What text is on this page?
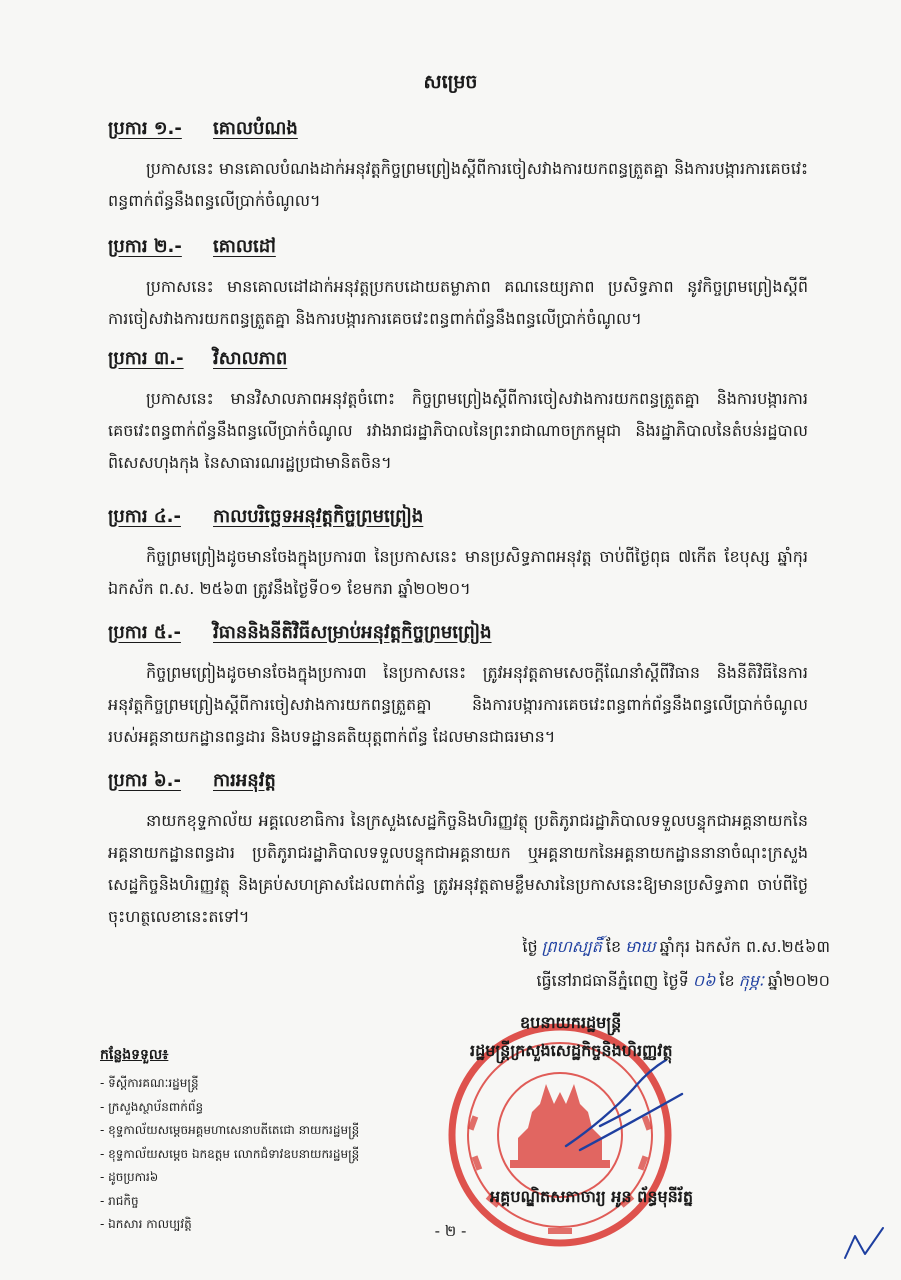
សម្រេច
ប្រការ ១.-	គោលបំណង
ប្រកាសនេះ មានគោលបំណងដាក់អនុវត្តកិច្ចព្រមព្រៀងស្ដីពីការចៀសវាងការយកពន្ធត្រួតគ្នា និងការបង្ការការគេចវេះពន្ធពាក់ព័ន្ធនឹងពន្ធលើប្រាក់ចំណូល។
ប្រការ ២.-	គោលដៅ
ប្រកាសនេះ មានគោលដៅដាក់អនុវត្តប្រកបដោយតម្លាភាព គណនេយ្យភាព ប្រសិទ្ធភាព នូវកិច្ចព្រមព្រៀងស្ដីពីការចៀសវាងការយកពន្ធត្រួតគ្នា និងការបង្ការការគេចវេះពន្ធពាក់ព័ន្ធនឹងពន្ធលើប្រាក់ចំណូល។
ប្រការ ៣.-	វិសាលភាព
ប្រកាសនេះ មានវិសាលភាពអនុវត្តចំពោះ កិច្ចព្រមព្រៀងស្ដីពីការចៀសវាងការយកពន្ធត្រួតគ្នា និងការបង្ការការគេចវេះពន្ធពាក់ព័ន្ធនឹងពន្ធលើប្រាក់ចំណូល រវាងរាជរដ្ឋាភិបាលនៃព្រះរាជាណាចក្រកម្ពុជា និងរដ្ឋាភិបាលនៃតំបន់រដ្ឋបាលពិសេសហុងកុង នៃសាធារណរដ្ឋប្រជាមានិតចិន។
ប្រការ ៤.-	កាលបរិច្ឆេទអនុវត្តកិច្ចព្រមព្រៀង
កិច្ចព្រមព្រៀងដូចមានចែងក្នុងប្រការ៣ នៃប្រកាសនេះ មានប្រសិទ្ធភាពអនុវត្ត ចាប់ពីថ្ងៃពុធ ៧កើត ខែបុស្ស ឆ្នាំកុរ ឯកស័ក ព.ស. ២៥៦៣ ត្រូវនឹងថ្ងៃទី០១ ខែមករា ឆ្នាំ២០២០។
ប្រការ ៥.-	វិធាននិងនីតិវិធីសម្រាប់អនុវត្តកិច្ចព្រមព្រៀង
កិច្ចព្រមព្រៀងដូចមានចែងក្នុងប្រការ៣ នៃប្រកាសនេះ ត្រូវអនុវត្តតាមសេចក្ដីណែនាំស្ដីពីវិធាន និងនីតិវិធីនៃការអនុវត្តកិច្ចព្រមព្រៀងស្ដីពីការចៀសវាងការយកពន្ធត្រួតគ្នា និងការបង្ការការគេចវេះពន្ធពាក់ព័ន្ធនឹងពន្ធលើប្រាក់ចំណូល របស់អគ្គនាយកដ្ឋានពន្ធដារ និងបទដ្ឋានគតិយុត្តពាក់ព័ន្ធ ដែលមានជាធរមាន។
ប្រការ ៦.-	ការអនុវត្ត
នាយកខុទ្ទកាល័យ អគ្គលេខាធិការ នៃក្រសួងសេដ្ឋកិច្ចនិងហិរញ្ញវត្ថុ ប្រតិភូរាជរដ្ឋាភិបាលទទួលបន្ទុកជាអគ្គនាយកនៃអគ្គនាយកដ្ឋានពន្ធដារ ប្រតិភូរាជរដ្ឋាភិបាលទទួលបន្ទុកជាអគ្គនាយក ឬអគ្គនាយកនៃអគ្គនាយកដ្ឋាននានាចំណុះក្រសួងសេដ្ឋកិច្ចនិងហិរញ្ញវត្ថុ និងគ្រប់សហគ្រាសដែលពាក់ព័ន្ធ ត្រូវអនុវត្តតាមខ្លឹមសារនៃប្រកាសនេះឱ្យមានប្រសិទ្ធភាព ចាប់ពីថ្ងៃចុះហត្ថលេខានេះតទៅ។
ថ្ងៃ ព្រហស្បតិ៍ ខែ មាឃ ឆ្នាំកុរ ឯកស័ក ព.ស.២៥៦៣
ធ្វើនៅរាជធានីភ្នំពេញ ថ្ងៃទី ០៦ ខែ កុម្ភៈ ឆ្នាំ២០២០
ឧបនាយករដ្ឋមន្ត្រី
រដ្ឋមន្ត្រីក្រសួងសេដ្ឋកិច្ចនិងហិរញ្ញវត្ថុ
អគ្គបណ្ឌិតសភាចារ្យ អូន ព័ន្ធមុនីរ័ត្ន
កន្លែងទទួល៖
- ទីស្ដីការគណៈរដ្ឋមន្ត្រី
- ក្រសួងស្ថាប័នពាក់ព័ន្ធ
- ខុទ្ទកាល័យសម្ដេចអគ្គមហាសេនាបតីតេជោ នាយករដ្ឋមន្ត្រី
- ខុទ្ទកាល័យសម្ដេច ឯកឧត្ដម លោកជំទាវឧបនាយករដ្ឋមន្ត្រី
- ដូចប្រការ៦
- រាជកិច្ច
- ឯកសារ កាលប្បវត្តិ	- ២ -
